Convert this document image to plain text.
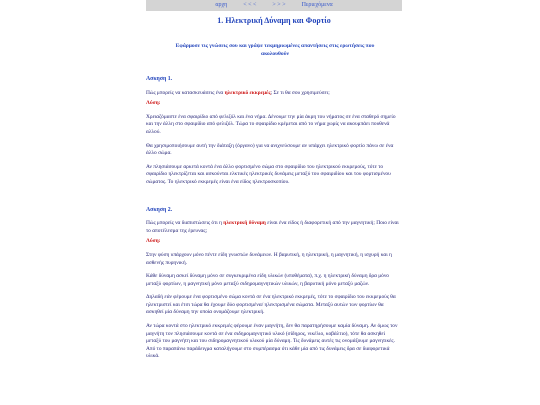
αρχη	< < <	> > >	Περιεχόμενα
1. Ηλεκτρική Δύναμη και Φορτίο
Εφάρμοσε τις γνώσεις σου και γράψε τεκμηριωμένες απαντήσεις στις ερωτήσεις που ακολουθούν
Ασκηση 1.
Πώς μπορείς να κατασκευάσεις ένα ηλεκτρικό εκκρεμές; Σε τι θα σου χρησιμεύσει;
Λύση:
Χρειαζόμαστε ένα σφαιρίδιο από φελιζόλ και ένα νήμα. Δένουμε την μία άκρη του νήματος σε ένα σταθερό σημείο και την άλλη στο σφαιρίδιο από φελιζόλ. Τώρα το σφαιρίδιο κρέμεται από το νήμα χωρίς να ακουμπάει πουθενά αλλού.
Θα χρησιμοποιήσουμε αυτή την διάταξη (όργανο) για να ανιχνεύσουμε αν υπάρχει ηλεκτρικό φορτίο πάνω σε ένα άλλο σώμα.
Αν πλησιάσουμε αρκετά κοντά ένα άλλο φορτισμένο σώμα στο σφαιρίδιο του ηλεκτρικού εκκρεμούς, τότε το σφαιρίδιο ηλεκτρίζεται και ασκούνται ελκτικές ηλεκτρικές δυνάμεις μεταξύ του σφαιριδίου και του φορτισμένου σώματος. Το ηλεκτρικό εκκρεμές είναι ένα είδος ηλεκτροσκοπίου.
Ασκηση 2.
Πώς μπορείς να διαπιστώσεις ότι η ηλεκτρική δύναμη είναι ένα είδος ή διαφορετική από την μαγνητική; Ποιο είναι το αποτέλεσμα της έρευνας;
Λύση:
Στην φύση υπάρχουν μόνο πέντε είδη γνωστών δυνάμεων. Η βαρυτική, η ηλεκτρική, η μαγνητική, η ισχυρή και η ασθενής πυρηνική.
Κάθε δύναμη ασκεί δύναμη μόνο σε συγκεκριμένα είδη υλικών (υποθέματα), π.χ. η ηλεκτρική δύναμη δρα μόνο μεταξύ φορτίων, η μαγνητική μόνο μεταξύ σιδηρομαγνητικών υλικών, η βαρυτική μόνο μεταξύ μαζών.
Δηλαδή εάν φέρουμε ένα φορτισμένο σώμα κοντά σε ένα ηλεκτρικό εκκρεμές, τότε το σφαιρίδιο του εκκρεμούς θα ηλεκτριστεί και έτσι τώρα θα έχουμε δύο φορτισμένα/ ηλεκτρισμένα σώματα. Μεταξύ αυτών των φορτίων θα ασκηθεί μία δύναμη την οποία ονομάζουμε ηλεκτρική.
Αν τώρα κοντά στο ηλεκτρικό εκκρεμές φέρουμε έναν μαγνήτη, δεν θα παρατηρήσουμε καμία δύναμη. Αν όμως τον μαγνήτη τον πλησιάσουμε κοντά σε ένα σιδηρομαγνητικό υλικό (σίδηρος, νικέλιο, κοβάλτιο), τότε θα ασκηθεί μεταξύ του μαγνήτη και του σιδηρομαγνητικού υλικού μία δύναμη. Τις δυνάμεις αυτές τις ονομάζουμε μαγνητικές. Από το παραπάνω παράδειγμα καταλήγουμε στο συμπέρασμα ότι κάθε μία από τις δυνάμεις δρα σε διαφορετικά υλικά.
